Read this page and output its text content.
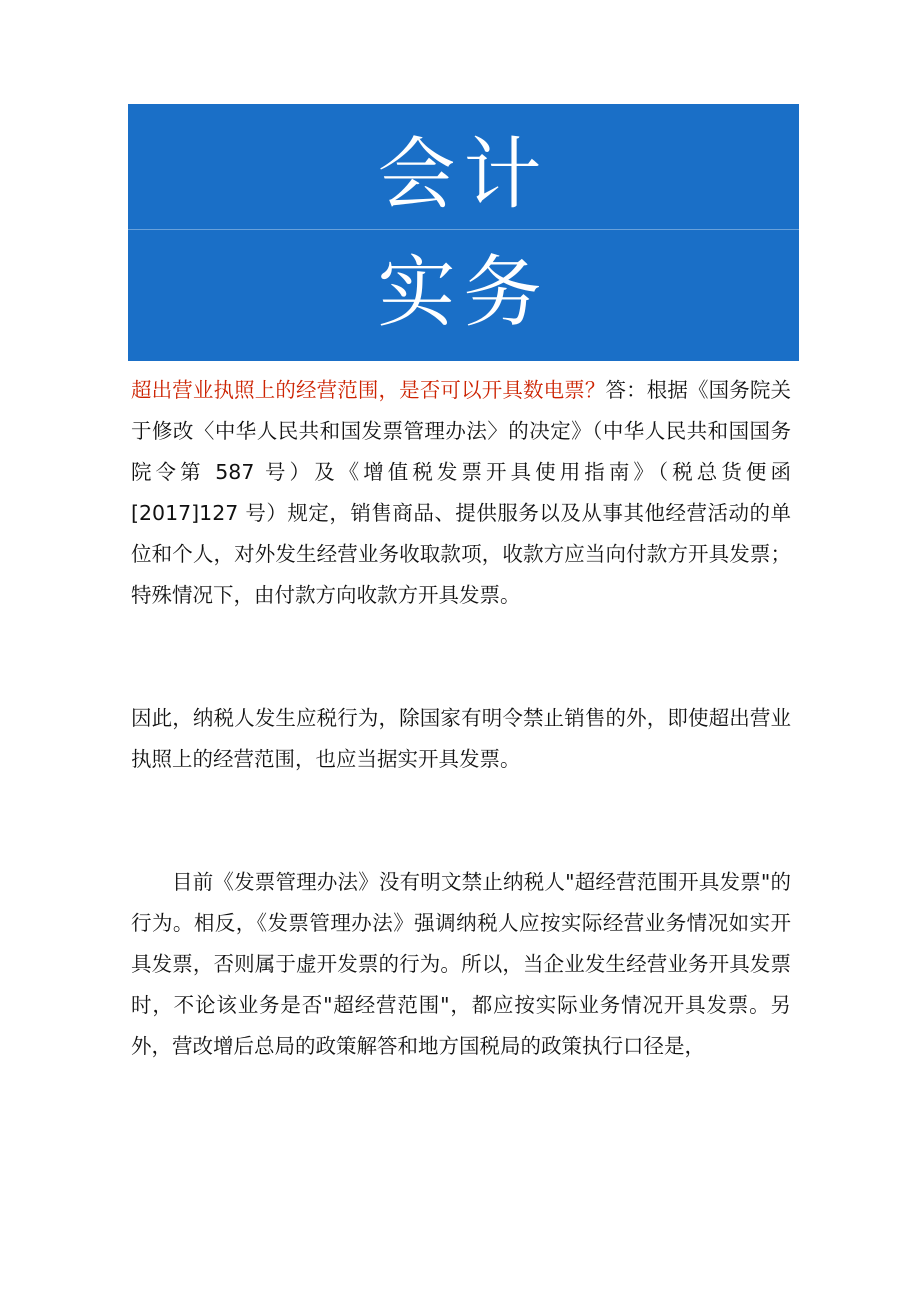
会计
实务

超出营业执照上的经营范围，是否可以开具数电票？答：根据《国务院关于修改〈中华人民共和国发票管理办法〉的决定》（中华人民共和国国务院令第 587 号）及《增值税发票开具使用指南》（税总货便函[2017]127 号）规定，销售商品、提供服务以及从事其他经营活动的单位和个人，对外发生经营业务收取款项，收款方应当向付款方开具发票；特殊情况下，由付款方向收款方开具发票。

因此，纳税人发生应税行为，除国家有明令禁止销售的外，即使超出营业执照上的经营范围，也应当据实开具发票。

目前《发票管理办法》没有明文禁止纳税人"超经营范围开具发票"的行为。相反，《发票管理办法》强调纳税人应按实际经营业务情况如实开具发票，否则属于虚开发票的行为。所以，当企业发生经营业务开具发票时，不论该业务是否"超经营范围"，都应按实际业务情况开具发票。另外，营改增后总局的政策解答和地方国税局的政策执行口径是，
